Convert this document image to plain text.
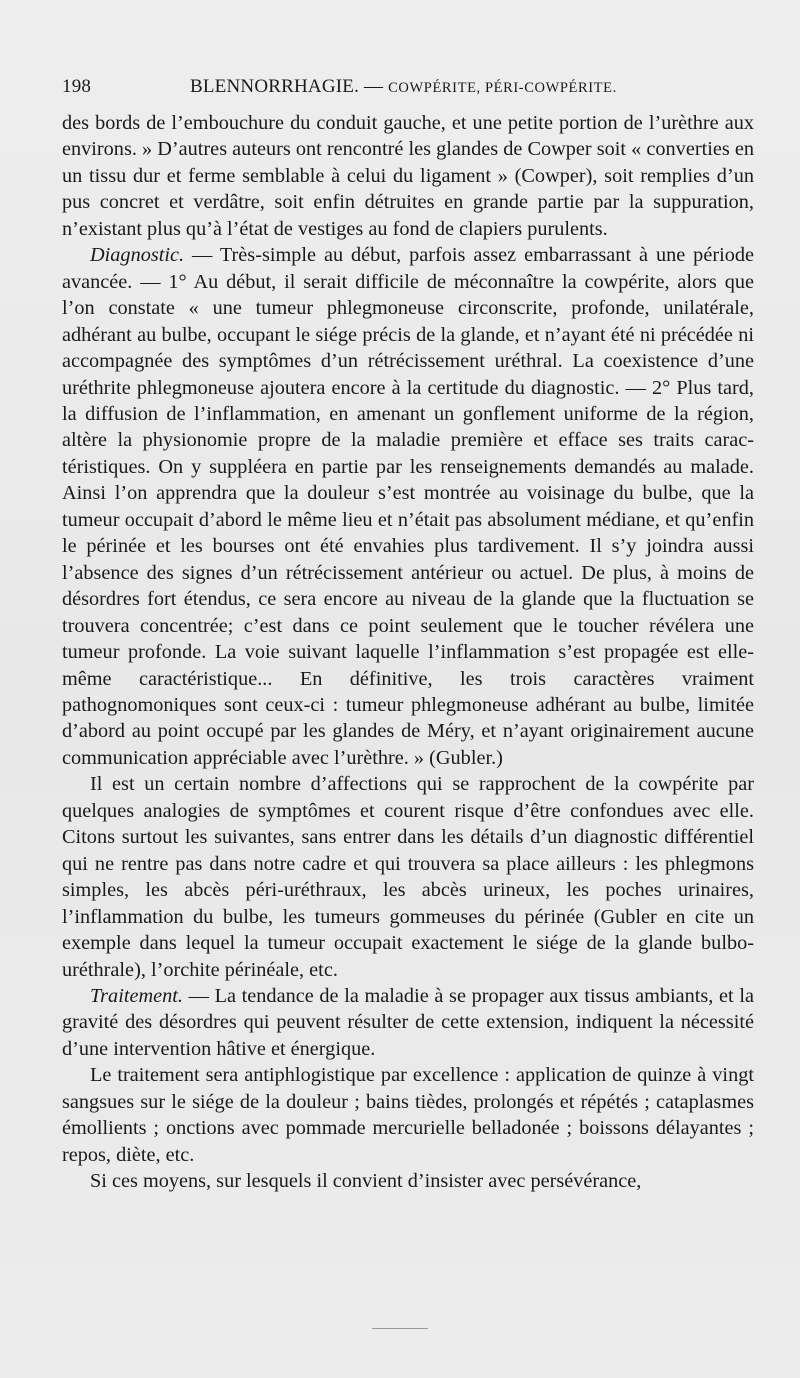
198	BLENNORRHAGIE. — COWPÉRITE, PÉRI-COWPÉRITE.

des bords de l’embouchure du conduit gauche, et une petite portion de l’urèthre aux environs. » D’autres auteurs ont rencontré les glandes de Cowper soit « converties en un tissu dur et ferme semblable à celui du ligament » (Cowper), soit remplies d’un pus concret et verdâtre, soit enfin détruites en grande partie par la suppuration, n’existant plus qu’à l’état de vestiges au fond de clapiers purulents.

Diagnostic. — Très-simple au début, parfois assez embarrassant à une période avancée. — 1° Au début, il serait difficile de méconnaître la cowpérite, alors que l’on constate « une tumeur phlegmoneuse circonscrite, profonde, unilatérale, adhérant au bulbe, occupant le siége précis de la glande, et n’ayant été ni précédée ni accompagnée des symptômes d’un rétrécissement uréthral. La coexistence d’une uréthrite phlegmoneuse ajoutera encore à la certitude du diagnostic. — 2° Plus tard, la diffusion de l’inflammation, en amenant un gonflement uniforme de la région, altère la physionomie propre de la maladie première et efface ses traits caractéristiques. On y suppléera en partie par les renseignements demandés au malade. Ainsi l’on apprendra que la douleur s’est montrée au voisinage du bulbe, que la tumeur occupait d’abord le même lieu et n’était pas absolument médiane, et qu’enfin le périnée et les bourses ont été envahies plus tardivement. Il s’y joindra aussi l’absence des signes d’un rétrécissement antérieur ou actuel. De plus, à moins de désordres fort étendus, ce sera encore au niveau de la glande que la fluctuation se trouvera concentrée; c’est dans ce point seulement que le toucher révélera une tumeur profonde. La voie suivant laquelle l’inflammation s’est propagée est elle-même caractéristique... En définitive, les trois caractères vraiment pathognomoniques sont ceux-ci : tumeur phlegmoneuse adhérant au bulbe, limitée d’abord au point occupé par les glandes de Méry, et n’ayant originairement aucune communication appréciable avec l’urèthre. » (Gubler.)

Il est un certain nombre d’affections qui se rapprochent de la cowpérite par quelques analogies de symptômes et courent risque d’être confondues avec elle. Citons surtout les suivantes, sans entrer dans les détails d’un diagnostic différentiel qui ne rentre pas dans notre cadre et qui trouvera sa place ailleurs : les phlegmons simples, les abcès péri-uréthraux, les abcès urineux, les poches urinaires, l’inflammation du bulbe, les tumeurs gommeuses du périnée (Gubler en cite un exemple dans lequel la tumeur occupait exactement le siége de la glande bulbo-uréthrale), l’orchite périnéale, etc.

Traitement. — La tendance de la maladie à se propager aux tissus ambiants, et la gravité des désordres qui peuvent résulter de cette extension, indiquent la nécessité d’une intervention hâtive et énergique.

Le traitement sera antiphlogistique par excellence : application de quinze à vingt sangsues sur le siége de la douleur ; bains tièdes, prolongés et répétés ; cataplasmes émollients ; onctions avec pommade mercurielle belladonée ; boissons délayantes ; repos, diète, etc.

Si ces moyens, sur lesquels il convient d’insister avec persévérance,
